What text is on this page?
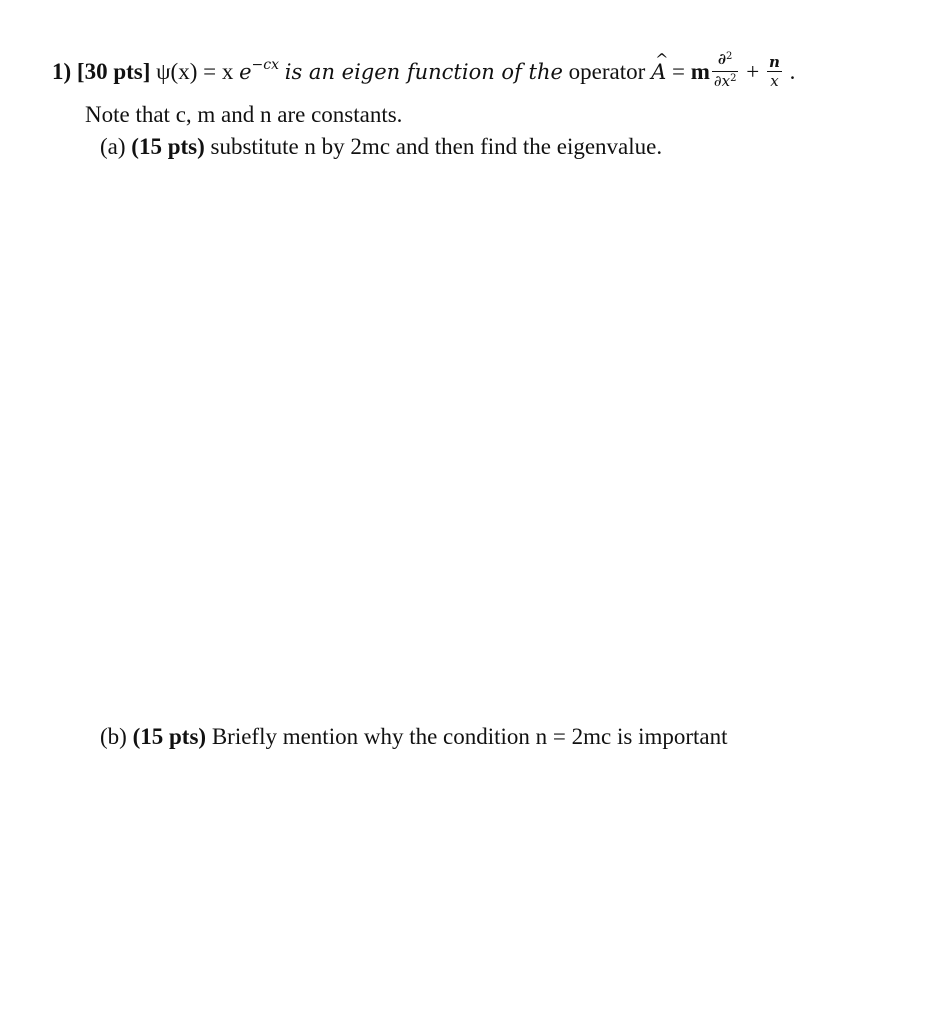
1) [30 pts] ψ(x) = x $e^{-cx}$ is an eigen function of the operator ^ A = m $\frac{\partial^2}{\partial x^2} + \frac{n}{x}$ .
Note that c, m and n are constants.
(a) (15 pts) substitute n by 2mc and then find the eigenvalue.
(b) (15 pts) Briefly mention why the condition n = 2mc is important
